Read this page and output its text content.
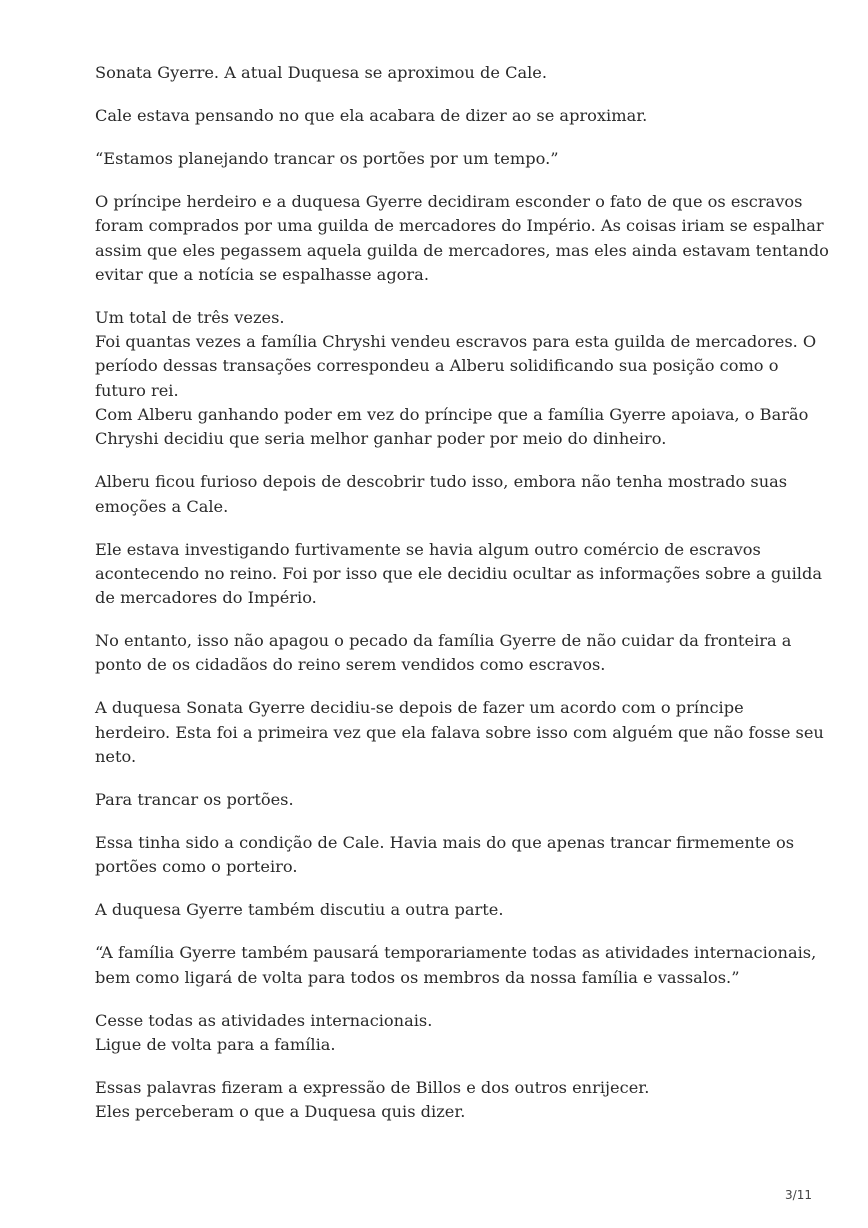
Sonata Gyerre. A atual Duquesa se aproximou de Cale.

Cale estava pensando no que ela acabara de dizer ao se aproximar.

“Estamos planejando trancar os portões por um tempo.”

O príncipe herdeiro e a duquesa Gyerre decidiram esconder o fato de que os escravos
foram comprados por uma guilda de mercadores do Império. As coisas iriam se espalhar
assim que eles pegassem aquela guilda de mercadores, mas eles ainda estavam tentando
evitar que a notícia se espalhasse agora.

Um total de três vezes.
Foi quantas vezes a família Chryshi vendeu escravos para esta guilda de mercadores. O
período dessas transações correspondeu a Alberu solidificando sua posição como o
futuro rei.
Com Alberu ganhando poder em vez do príncipe que a família Gyerre apoiava, o Barão
Chryshi decidiu que seria melhor ganhar poder por meio do dinheiro.

Alberu ficou furioso depois de descobrir tudo isso, embora não tenha mostrado suas
emoções a Cale.

Ele estava investigando furtivamente se havia algum outro comércio de escravos
acontecendo no reino. Foi por isso que ele decidiu ocultar as informações sobre a guilda
de mercadores do Império.

No entanto, isso não apagou o pecado da família Gyerre de não cuidar da fronteira a
ponto de os cidadãos do reino serem vendidos como escravos.

A duquesa Sonata Gyerre decidiu-se depois de fazer um acordo com o príncipe
herdeiro. Esta foi a primeira vez que ela falava sobre isso com alguém que não fosse seu
neto.

Para trancar os portões.

Essa tinha sido a condição de Cale. Havia mais do que apenas trancar firmemente os
portões como o porteiro.

A duquesa Gyerre também discutiu a outra parte.

“A família Gyerre também pausará temporariamente todas as atividades internacionais,
bem como ligará de volta para todos os membros da nossa família e vassalos.”

Cesse todas as atividades internacionais.
Ligue de volta para a família.

Essas palavras fizeram a expressão de Billos e dos outros enrijecer.
Eles perceberam o que a Duquesa quis dizer.

3/11
